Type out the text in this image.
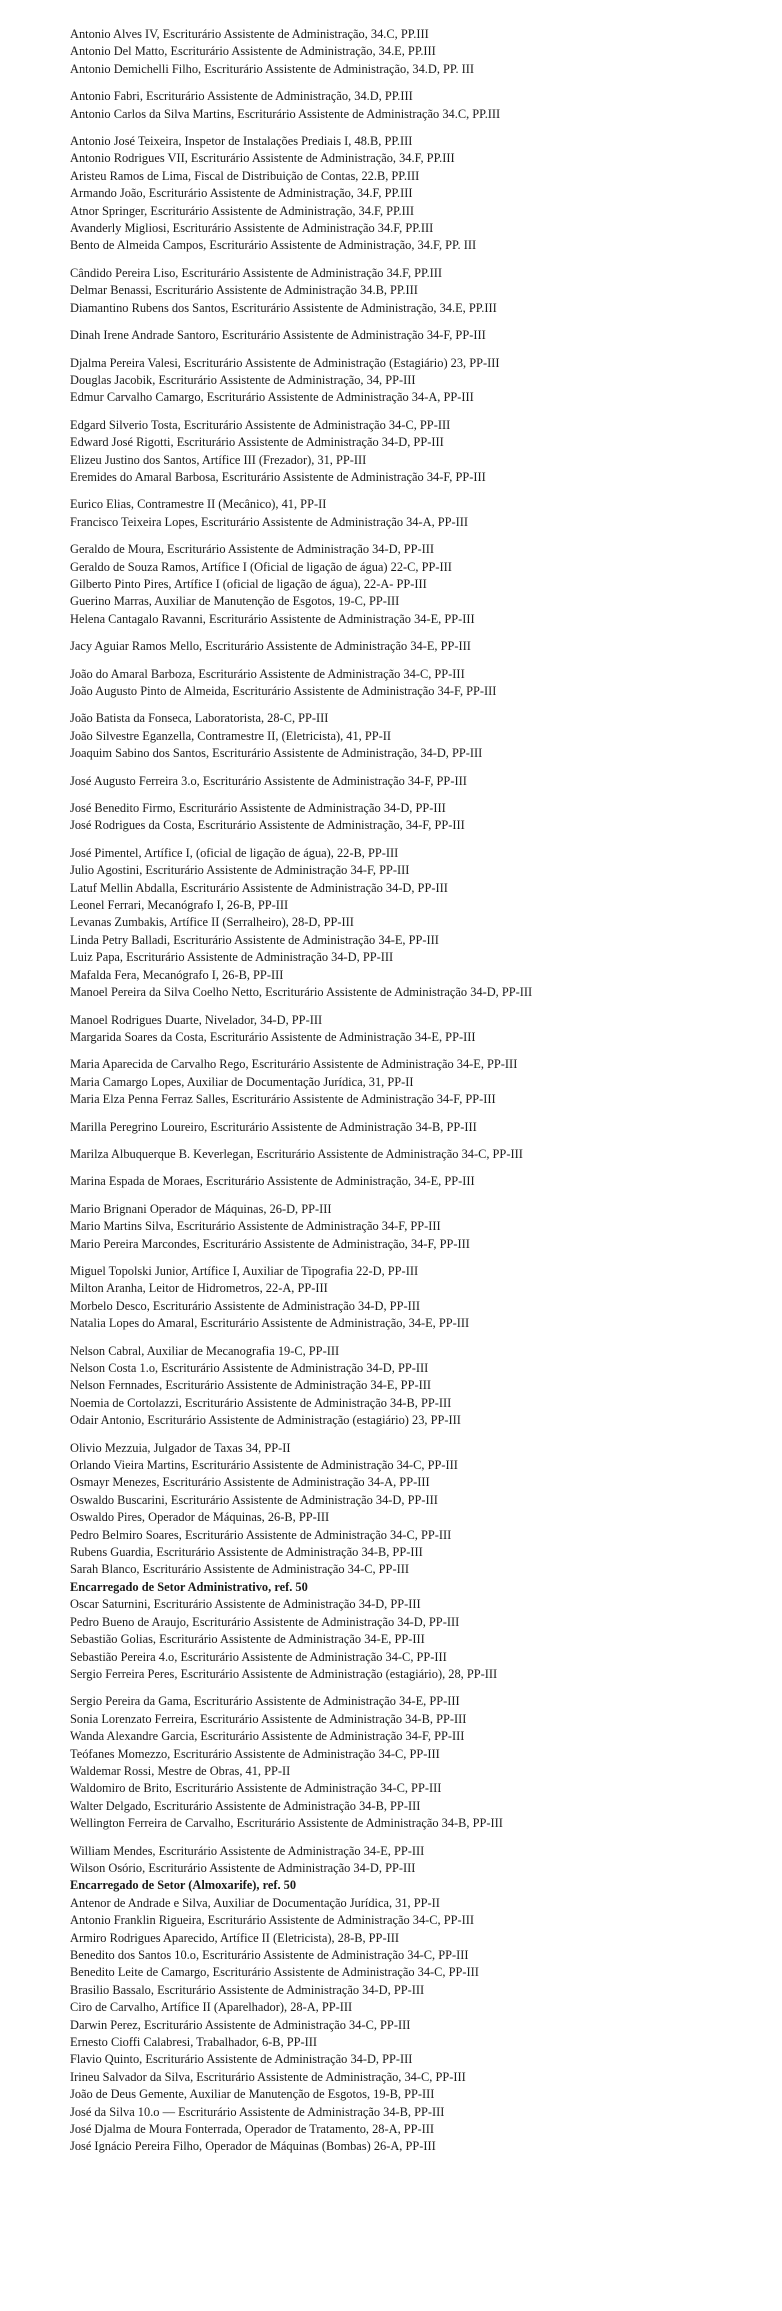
Antonio Alves IV, Escriturário Assistente de Administração, 34.C, PP.III

Antonio Del Matto, Escriturário Assistente de Administração, 34.E, PP.III

Antonio Demichelli Filho, Escriturário Assistente de Administração, 34.D, PP. III

Antonio Fabri, Escriturário Assistente de Administração, 34.D, PP.III

Antonio Carlos da Silva Martins, Escriturário Assistente de Administração 34.C, PP.III

Antonio José Teixeira, Inspetor de Instalações Prediais I, 48.B, PP.III

Antonio Rodrigues VII, Escriturário Assistente de Administração, 34.F, PP.III

Aristeu Ramos de Lima, Fiscal de Distribuição de Contas, 22.B, PP.III

Armando João, Escriturário Assistente de Administração, 34.F, PP.III

Atnor Springer, Escriturário Assistente de Administração, 34.F, PP.III

Avanderly Migliosi, Escriturário Assistente de Administração 34.F, PP.III

Bento de Almeida Campos, Escriturário Assistente de Administração, 34.F, PP. III

Cândido Pereira Liso, Escriturário Assistente de Administração 34.F, PP.III

Delmar Benassi, Escriturário Assistente de Administração 34.B, PP.III

Diamantino Rubens dos Santos, Escriturário Assistente de Administração, 34.E, PP.III

Dinah Irene Andrade Santoro, Escriturário Assistente de Administração 34-F, PP-III

Djalma Pereira Valesi, Escriturário Assistente de Administração (Estagiário) 23, PP-III

Douglas Jacobik, Escriturário Assistente de Administração, 34, PP-III

Edmur Carvalho Camargo, Escriturário Assistente de Administração 34-A, PP-III

Edgard Silverio Tosta, Escriturário Assistente de Administração 34-C, PP-III

Edward José Rigotti, Escriturário Assistente de Administração 34-D, PP-III

Elizeu Justino dos Santos, Artífice III (Frezador), 31, PP-III

Eremides do Amaral Barbosa, Escriturário Assistente de Administração 34-F, PP-III

Eurico Elias, Contramestre II (Mecânico), 41, PP-II

Francisco Teixeira Lopes, Escriturário Assistente de Administração 34-A, PP-III

Geraldo de Moura, Escriturário Assistente de Administração 34-D, PP-III

Geraldo de Souza Ramos, Artífice I (Oficial de ligação de água) 22-C, PP-III

Gilberto Pinto Pires, Artífice I (oficial de ligação de água), 22-A- PP-III

Guerino Marras, Auxiliar de Manutenção de Esgotos, 19-C, PP-III

Helena Cantagalo Ravanni, Escriturário Assistente de Administração 34-E, PP-III

Jacy Aguiar Ramos Mello, Escriturário Assistente de Administração 34-E, PP-III

João do Amaral Barboza, Escriturário Assistente de Administração 34-C, PP-III

João Augusto Pinto de Almeida, Escriturário Assistente de Administração 34-F, PP-III

João Batista da Fonseca, Laboratorista, 28-C, PP-III

João Silvestre Eganzella, Contramestre II, (Eletricista), 41, PP-II

Joaquim Sabino dos Santos, Escriturário Assistente de Administração, 34-D, PP-III

José Augusto Ferreira 3.o, Escriturário Assistente de Administração 34-F, PP-III

José Benedito Firmo, Escriturário Assistente de Administração 34-D, PP-III

José Rodrigues da Costa, Escriturário Assistente de Administração, 34-F, PP-III

José Pimentel, Artífice I, (oficial de ligação de água), 22-B, PP-III

Julio Agostini, Escriturário Assistente de Administração 34-F, PP-III

Latuf Mellin Abdalla, Escriturário Assistente de Administração 34-D, PP-III

Leonel Ferrari, Mecanógrafo I, 26-B, PP-III

Levanas Zumbakis, Artífice II (Serralheiro), 28-D, PP-III

Linda Petry Balladi, Escriturário Assistente de Administração 34-E, PP-III

Luiz Papa, Escriturário Assistente de Administração 34-D, PP-III

Mafalda Fera, Mecanógrafo I, 26-B, PP-III

Manoel Pereira da Silva Coelho Netto, Escriturário Assistente de Administração 34-D, PP-III

Manoel Rodrigues Duarte, Nivelador, 34-D, PP-III

Margarida Soares da Costa, Escriturário Assistente de Administração 34-E, PP-III

Maria Aparecida de Carvalho Rego, Escriturário Assistente de Administração 34-E, PP-III

Maria Camargo Lopes, Auxiliar de Documentação Jurídica, 31, PP-II

Maria Elza Penna Ferraz Salles, Escriturário Assistente de Administração 34-F, PP-III

Marilla Peregrino Loureiro, Escriturário Assistente de Administração 34-B, PP-III

Marilza Albuquerque B. Keverlegan, Escriturário Assistente de Administração 34-C, PP-III

Marina Espada de Moraes, Escriturário Assistente de Administração, 34-E, PP-III

Mario Brignani Operador de Máquinas, 26-D, PP-III

Mario Martins Silva, Escriturário Assistente de Administração 34-F, PP-III

Mario Pereira Marcondes, Escriturário Assistente de Administração, 34-F, PP-III

Miguel Topolski Junior, Artífice I, Auxiliar de Tipografia 22-D, PP-III

Milton Aranha, Leitor de Hidrometros, 22-A, PP-III

Morbelo Desco, Escriturário Assistente de Administração 34-D, PP-III

Natalia Lopes do Amaral, Escriturário Assistente de Administração, 34-E, PP-III

Nelson Cabral, Auxiliar de Mecanografia 19-C, PP-III

Nelson Costa 1.o, Escriturário Assistente de Administração 34-D, PP-III

Nelson Fernnades, Escriturário Assistente de Administração 34-E, PP-III

Noemia de Cortolazzi, Escriturário Assistente de Administração 34-B, PP-III

Odair Antonio, Escriturário Assistente de Administração (estagiário) 23, PP-III

Olivio Mezzuia, Julgador de Taxas 34, PP-II

Orlando Vieira Martins, Escriturário Assistente de Administração 34-C, PP-III

Osmayr Menezes, Escriturário Assistente de Administração 34-A, PP-III

Oswaldo Buscarini, Escriturário Assistente de Administração 34-D, PP-III

Oswaldo Pires, Operador de Máquinas, 26-B, PP-III

Pedro Belmiro Soares, Escriturário Assistente de Administração 34-C, PP-III

Rubens Guardia, Escriturário Assistente de Administração 34-B, PP-III

Sarah Blanco, Escriturário Assistente de Administração 34-C, PP-III

Encarregado de Setor Administrativo, ref. 50

Oscar Saturnini, Escriturário Assistente de Administração 34-D, PP-III

Pedro Bueno de Araujo, Escriturário Assistente de Administração 34-D, PP-III

Sebastião Golias, Escriturário Assistente de Administração 34-E, PP-III

Sebastião Pereira 4.o, Escriturário Assistente de Administração 34-C, PP-III

Sergio Ferreira Peres, Escriturário Assistente de Administração (estagiário), 28, PP-III

Sergio Pereira da Gama, Escriturário Assistente de Administração 34-E, PP-III

Sonia Lorenzato Ferreira, Escriturário Assistente de Administração 34-B, PP-III

Wanda Alexandre Garcia, Escriturário Assistente de Administração 34-F, PP-III

Teófanes Momezzo, Escriturário Assistente de Administração 34-C, PP-III

Waldemar Rossi, Mestre de Obras, 41, PP-II

Waldomiro de Brito, Escriturário Assistente de Administração 34-C, PP-III

Walter Delgado, Escriturário Assistente de Administração 34-B, PP-III

Wellington Ferreira de Carvalho, Escriturário Assistente de Administração 34-B, PP-III

William Mendes, Escriturário Assistente de Administração 34-E, PP-III

Wilson Osório, Escriturário Assistente de Administração 34-D, PP-III

Encarregado de Setor (Almoxarife), ref. 50

Antenor de Andrade e Silva, Auxiliar de Documentação Jurídica, 31, PP-II

Antonio Franklin Rigueira, Escriturário Assistente de Administração 34-C, PP-III

Armiro Rodrigues Aparecido, Artífice II (Eletricista), 28-B, PP-III

Benedito dos Santos 10.o, Escriturário Assistente de Administração 34-C, PP-III

Benedito Leite de Camargo, Escriturário Assistente de Administração 34-C, PP-III

Brasilio Bassalo, Escriturário Assistente de Administração 34-D, PP-III

Ciro de Carvalho, Artífice II (Aparelhador), 28-A, PP-III

Darwin Perez, Escriturário Assistente de Administração 34-C, PP-III

Ernesto Cioffi Calabresi, Trabalhador, 6-B, PP-III

Flavio Quinto, Escriturário Assistente de Administração 34-D, PP-III

Irineu Salvador da Silva, Escriturário Assistente de Administração, 34-C, PP-III

João de Deus Gemente, Auxiliar de Manutenção de Esgotos, 19-B, PP-III

José da Silva 10.o — Escriturário Assistente de Administração 34-B, PP-III

José Djalma de Moura Fonterrada, Operador de Tratamento, 28-A, PP-III

José Ignácio Pereira Filho, Operador de Máquinas (Bombas) 26-A, PP-III
